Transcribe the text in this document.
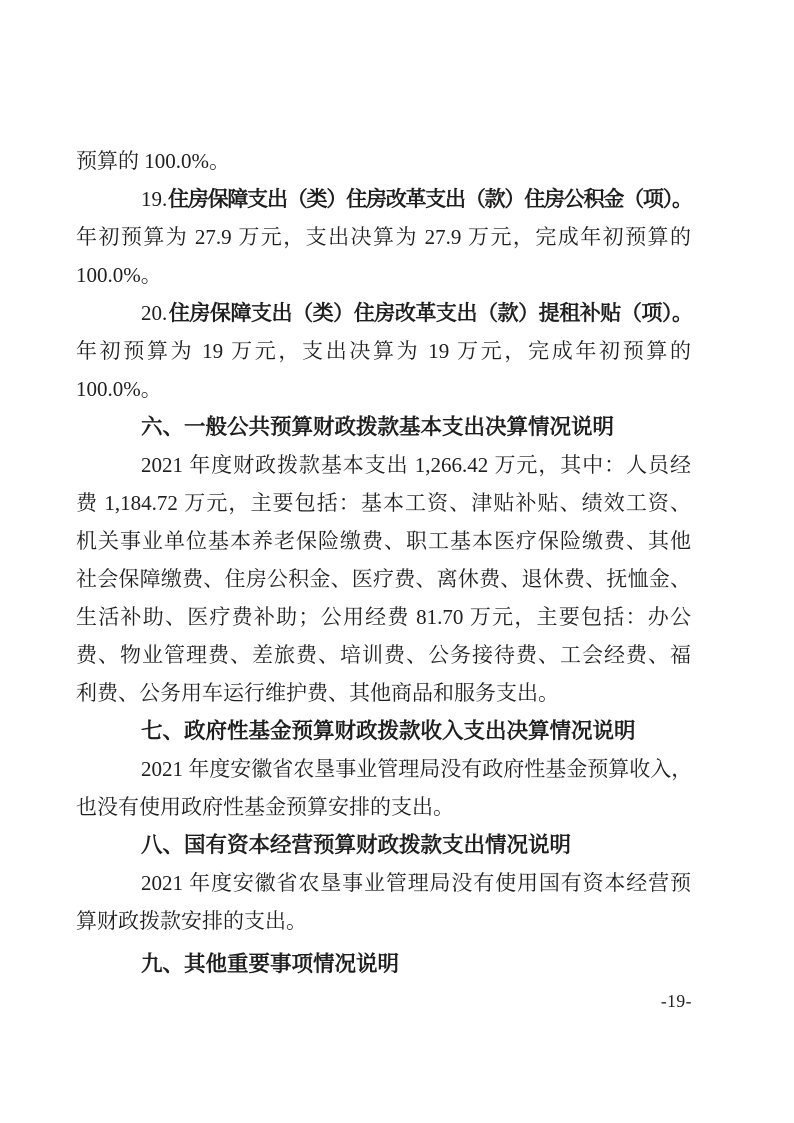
预算的 100.0%。
19.住房保障支出（类）住房改革支出（款）住房公积金（项）。
年初预算为 27.9 万元，支出决算为 27.9 万元，完成年初预算的
100.0%。
20.住房保障支出（类）住房改革支出（款）提租补贴（项）。
年初预算为 19 万元，支出决算为 19 万元，完成年初预算的
100.0%。
六、一般公共预算财政拨款基本支出决算情况说明
2021 年度财政拨款基本支出 1,266.42 万元，其中：人员经
费 1,184.72 万元，主要包括：基本工资、津贴补贴、绩效工资、
机关事业单位基本养老保险缴费、职工基本医疗保险缴费、其他
社会保障缴费、住房公积金、医疗费、离休费、退休费、抚恤金、
生活补助、医疗费补助；公用经费 81.70 万元，主要包括：办公
费、物业管理费、差旅费、培训费、公务接待费、工会经费、福
利费、公务用车运行维护费、其他商品和服务支出。
七、政府性基金预算财政拨款收入支出决算情况说明
2021 年度安徽省农垦事业管理局没有政府性基金预算收入，
也没有使用政府性基金预算安排的支出。
八、国有资本经营预算财政拨款支出情况说明
2021 年度安徽省农垦事业管理局没有使用国有资本经营预
算财政拨款安排的支出。
九、其他重要事项情况说明
-19-
